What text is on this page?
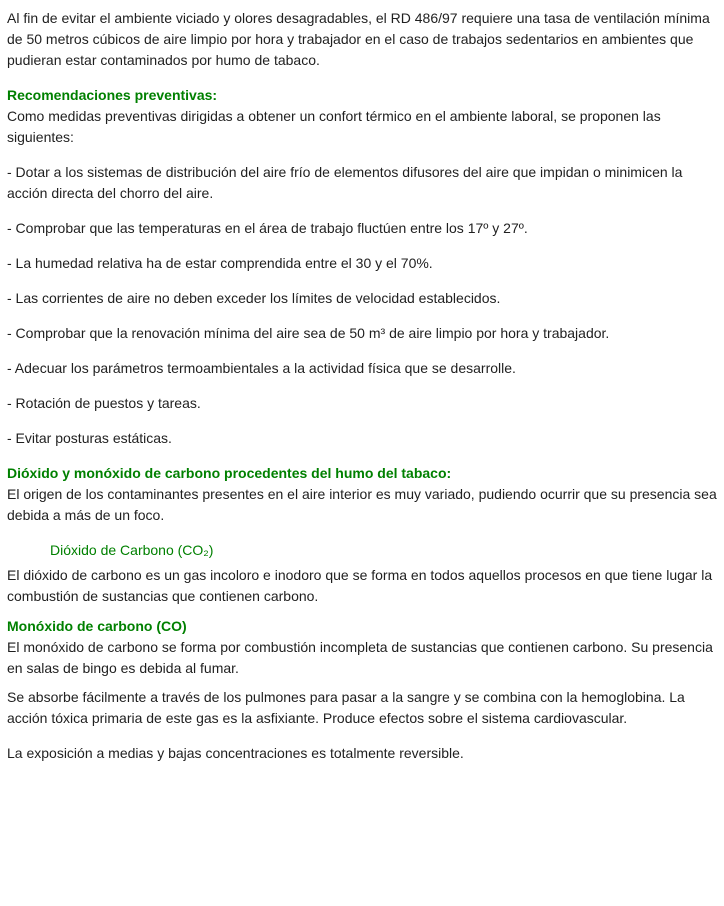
Al fin de evitar el ambiente viciado y olores desagradables, el RD 486/97 requiere una tasa de ventilación mínima de 50 metros cúbicos de aire limpio por hora y trabajador en el caso de trabajos sedentarios en ambientes que pudieran estar contaminados por humo de tabaco.

Recomendaciones preventivas:

Como medidas preventivas dirigidas a obtener un confort térmico en el ambiente laboral, se proponen las siguientes:

- Dotar a los sistemas de distribución del aire frío de elementos difusores del aire que impidan o minimicen la acción directa del chorro del aire.

- Comprobar que las temperaturas en el área de trabajo fluctúen entre los 17º y 27º.

- La humedad relativa ha de estar comprendida entre el 30 y el 70%.

- Las corrientes de aire no deben exceder los límites de velocidad establecidos.

- Comprobar que la renovación mínima del aire sea de 50 m³ de aire limpio por hora y trabajador.

- Adecuar los parámetros termoambientales a la actividad física que se desarrolle.

- Rotación de puestos y tareas.

- Evitar posturas estáticas.

Dióxido y monóxido de carbono procedentes del humo del tabaco:

El origen de los contaminantes presentes en el aire interior es muy variado, pudiendo ocurrir que su presencia sea debida a más de un foco.

Dióxido de Carbono (CO₂)

El dióxido de carbono es un gas incoloro e inodoro que se forma en todos aquellos procesos en que tiene lugar la combustión de sustancias que contienen carbono.

Monóxido de carbono (CO)

El monóxido de carbono se forma por combustión incompleta de sustancias que contienen carbono. Su presencia en salas de bingo es debida al fumar.

Se absorbe fácilmente a través de los pulmones para pasar a la sangre y se combina con la hemoglobina. La acción tóxica primaria de este gas es la asfixiante. Produce efectos sobre el sistema cardiovascular.

La exposición a medias y bajas concentraciones es totalmente reversible.
